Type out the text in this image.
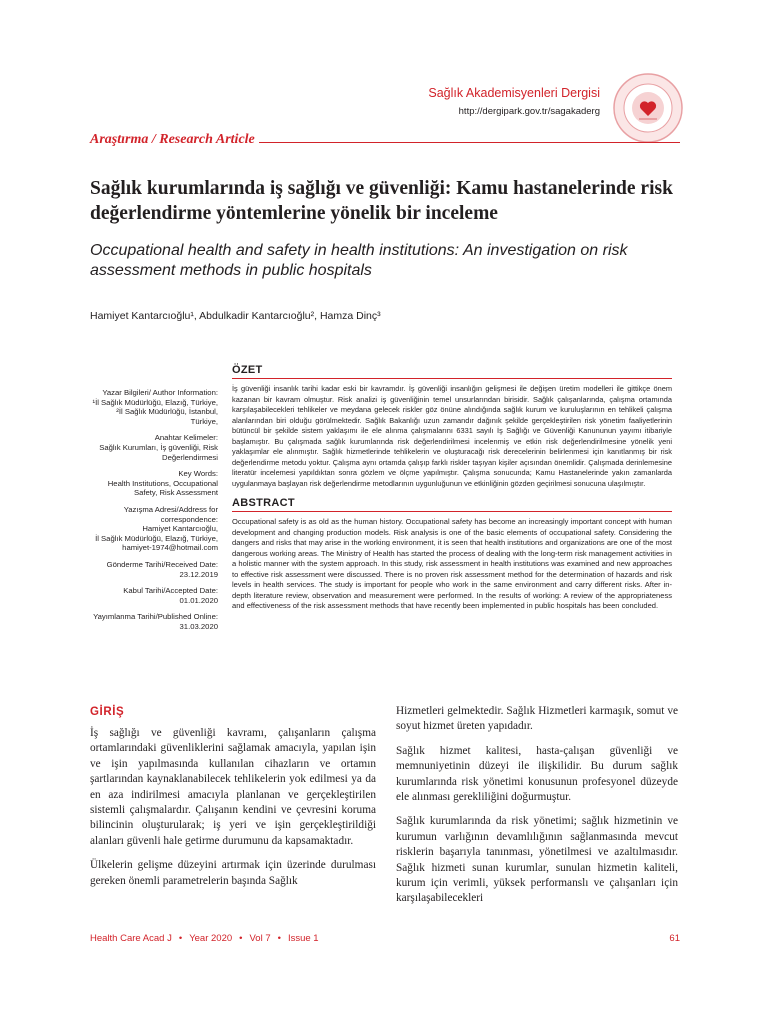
Sağlık Akademisyenleri Dergisi
http://dergipark.gov.tr/sagakaderg
Araştırma / Research Article
Sağlık kurumlarında iş sağlığı ve güvenliği: Kamu hastanelerinde risk değerlendirme yöntemlerine yönelik bir inceleme
Occupational health and safety in health institutions: An investigation on risk assessment methods in public hospitals
Hamiyet Kantarcıoğlu¹, Abdulkadir Kantarcıoğlu², Hamza Dinç³
Yazar Bilgileri/ Author Information:
¹İl Sağlık Müdürlüğü, Elazığ, Türkiye,
²İl Sağlık Müdürlüğü, İstanbul, Türkiye,
Anahtar Kelimeler:
Sağlık Kurumları, İş güvenliği, Risk Değerlendirmesi
Key Words:
Health Institutions, Occupational Safety, Risk Assessment
Yazışma Adresi/Address for correspondence:
Hamiyet Kantarcıoğlu,
İl Sağlık Müdürlüğü, Elazığ, Türkiye,
hamiyet-1974@hotmail.com
Gönderme Tarihi/Received Date:
23.12.2019
Kabul Tarihi/Accepted Date:
01.01.2020
Yayımlanma Tarihi/Published Online:
31.03.2020
ÖZET
İş güvenliği insanlık tarihi kadar eski bir kavramdır. İş güvenliği insanlığın gelişmesi ile değişen üretim modelleri ile gittikçe önem kazanan bir kavram olmuştur. Risk analizi iş güvenliğinin temel unsurlarından birisidir. Sağlık çalışanlarında, çalışma ortamında karşılaşabilecekleri tehlikeler ve meydana gelecek riskler göz önüne alındığında sağlık kurum ve kuruluşlarının en tehlikeli çalışma alanlarından biri olduğu görülmektedir. Sağlık Bakanlığı uzun zamandır dağınık şekilde gerçekleştirilen risk yönetim faaliyetlerinin bütüncül bir şekilde sistem yaklaşımı ile ele alınma çalışmalarını 6331 sayılı İş Sağlığı ve Güvenliği Kanununun yayımı itibariyle başlamıştır. Bu çalışmada sağlık kurumlarında risk değerlendirilmesi incelenmiş ve etkin risk değerlendirilmesine yönelik yeni yaklaşımlar ele alınmıştır. Sağlık hizmetlerinde tehlikelerin ve oluşturacağı risk derecelerinin belirlenmesi için kanıtlanmış bir risk değerlendirme metodu yoktur. Çalışma aynı ortamda çalışıp farklı riskler taşıyan kişiler açısından önemlidir. Çalışmada derinlemesine literatür incelemesi yapıldıktan sonra gözlem ve ölçme yapılmıştır. Çalışma sonucunda; Kamu Hastanelerinde yakın zamanlarda uygulanmaya başlayan risk değerlendirme metodlarının uygunluğunun ve etkinliğinin gözden geçirilmesi sonucuna ulaşılmıştır.
ABSTRACT
Occupational safety is as old as the human history. Occupational safety has become an increasingly important concept with human development and changing production models. Risk analysis is one of the basic elements of occupational safety. Considering the dangers and risks that may arise in the working environment, it is seen that health institutions and organizations are one of the most dangerous working areas. The Ministry of Health has started the process of dealing with the long-term risk management activities in a holistic manner with the system approach. In this study, risk assessment in health institutions was examined and new approaches to effective risk assessment were discussed. There is no proven risk assessment method for the determination of hazards and risk levels in health services. The study is important for people who work in the same environment and carry different risks. After in-depth literature review, observation and measurement were performed. In the results of working: A review of the appropriateness and effectiveness of the risk assessment methods that have recently been implemented in public hospitals has been concluded.
GİRİŞ

İş sağlığı ve güvenliği kavramı, çalışanların çalışma ortamlarındaki güvenliklerini sağlamak amacıyla, yapılan işin ve işin yapılmasında kullanılan cihazların ve ortamın şartlarından kaynaklanabilecek tehlikelerin yok edilmesi ya da en aza indirilmesi amacıyla planlanan ve gerçekleştirilen sistemli çalışmalardır. Çalışanın kendini ve çevresini koruma bilincinin oluşturularak; iş yeri ve işin gerçekleştirildiği alanları güvenli hale getirme durumunu da kapsamaktadır.

Ülkelerin gelişme düzeyini artırmak için üzerinde durulması gereken önemli parametrelerin başında Sağlık

Hizmetleri gelmektedir. Sağlık Hizmetleri karmaşık, somut ve soyut hizmet üreten yapıdadır.

Sağlık hizmet kalitesi, hasta-çalışan güvenliği ve memnuniyetinin düzeyi ile ilişkilidir. Bu durum sağlık kurumlarında risk yönetimi konusunun profesyonel düzeyde ele alınması gerekliliğini doğurmuştur.

Sağlık kurumlarında da risk yönetimi; sağlık hizmetinin ve kurumun varlığının devamlılığının sağlanmasında mevcut risklerin başarıyla tanınması, yönetilmesi ve azaltılmasıdır. Sağlık hizmeti sunan kurumlar, sunulan hizmetin kaliteli, kurum için verimli, yüksek performanslı ve çalışanları için karşılaşabilecekleri

Health Care Acad J • Year 2020 • Vol 7 • Issue 1	61
